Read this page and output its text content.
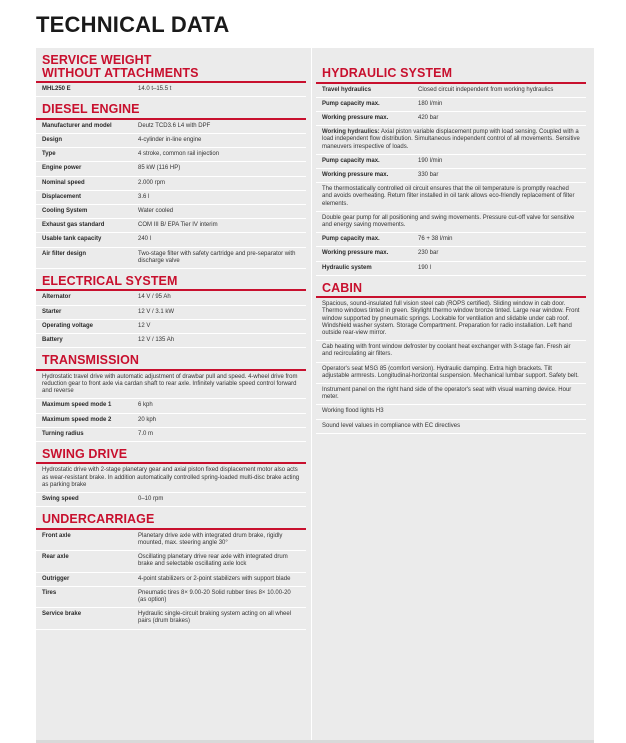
TECHNICAL DATA
SERVICE WEIGHT
WITHOUT ATTACHMENTS
MHL250 E	14.0 t–15.5 t
DIESEL ENGINE
Manufacturer and model	Deutz TCD3.6 L4 with DPF
Design	4-cylinder in-line engine
Type	4 stroke, common rail injection
Engine power	85 kW (116 HP)
Nominal speed	2.000 rpm
Displacement	3.6 l
Cooling System	Water cooled
Exhaust gas standard	COM III B/ EPA Tier IV interim
Usable tank capacity	240 l
Air filter design	Two-stage filter with safety cartridge and pre-separator with discharge valve
ELECTRICAL SYSTEM
Alternator	14 V / 95 Ah
Starter	12 V / 3.1 kW
Operating voltage	12 V
Battery	12 V / 135 Ah
TRANSMISSION
Hydrostatic travel drive with automatic adjustment of drawbar pull and speed. 4-wheel drive from reduction gear to front axle via cardan shaft to rear axle. Infinitely variable speed control forward and reverse
Maximum speed mode 1	6 kph
Maximum speed mode 2	20 kph
Turning radius	7.0 m
SWING DRIVE
Hydrostatic drive with 2-stage planetary gear and axial piston fixed displacement motor also acts as wear-resistant brake. In addition automatically controlled spring-loaded multi-disc brake acting as parking brake
Swing speed	0–10 rpm
UNDERCARRIAGE
Front axle	Planetary drive axle with integrated drum brake, rigidly mounted, max. steering angle 30°
Rear axle	Oscillating planetary drive rear axle with integrated drum brake and selectable oscillating axle lock
Outrigger	4-point stabilizers or 2-point stabilizers with support blade
Tires	Pneumatic tires 8× 9.00-20 Solid rubber tires 8× 10.00-20 (as option)
Service brake	Hydraulic single-circuit braking system acting on all wheel pairs (drum brakes)
HYDRAULIC SYSTEM
Travel hydraulics	Closed circuit independent from working hydraulics
Pump capacity max.	180 l/min
Working pressure max.	420 bar
Working hydraulics: Axial piston variable displacement pump with load sensing. Coupled with a load independent flow distribution. Simultaneous independent control of all movements. Sensitive maneuvers irrespective of loads.
Pump capacity max.	190 l/min
Working pressure max.	330 bar
The thermostatically controlled oil circuit ensures that the oil temperature is promptly reached and avoids overheating. Return filter installed in oil tank allows eco-friendly replacement of filter elements.
Double gear pump for all positioning and swing movements. Pressure cut-off valve for sensitive and energy saving movements.
Pump capacity max.	76 + 38 l/min
Working pressure max.	230 bar
Hydraulic system	190 l
CABIN
Spacious, sound-insulated full vision steel cab (ROPS certified). Sliding window in cab door. Thermo windows tinted in green. Skylight thermo window bronze tinted. Large rear window. Front window supported by pneumatic springs. Lockable for ventilation and slidable under cab roof. Windshield washer system. Storage Compartment. Preparation for radio installation. Left hand outside rear-view mirror.
Cab heating with front window defroster by coolant heat exchanger with 3-stage fan. Fresh air and recirculating air filters.
Operator's seat MSG 85 (comfort version). Hydraulic damping. Extra high brackets. Tilt adjustable armrests. Longitudinal-horizontal suspension. Mechanical lumbar support. Safety belt.
Instrument panel on the right hand side of the operator's seat with visual warning device. Hour meter.
Working flood lights H3
Sound level values in compliance with EC directives
